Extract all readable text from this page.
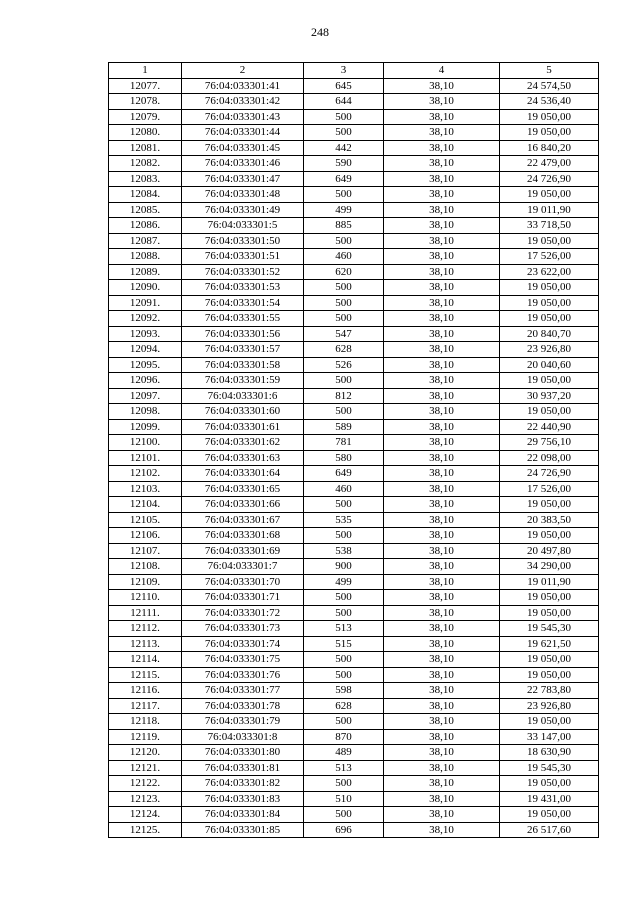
248
1	2	3	4	5
12077.	76:04:033301:41	645	38,10	24 574,50
12078.	76:04:033301:42	644	38,10	24 536,40
12079.	76:04:033301:43	500	38,10	19 050,00
12080.	76:04:033301:44	500	38,10	19 050,00
12081.	76:04:033301:45	442	38,10	16 840,20
12082.	76:04:033301:46	590	38,10	22 479,00
12083.	76:04:033301:47	649	38,10	24 726,90
12084.	76:04:033301:48	500	38,10	19 050,00
12085.	76:04:033301:49	499	38,10	19 011,90
12086.	76:04:033301:5	885	38,10	33 718,50
12087.	76:04:033301:50	500	38,10	19 050,00
12088.	76:04:033301:51	460	38,10	17 526,00
12089.	76:04:033301:52	620	38,10	23 622,00
12090.	76:04:033301:53	500	38,10	19 050,00
12091.	76:04:033301:54	500	38,10	19 050,00
12092.	76:04:033301:55	500	38,10	19 050,00
12093.	76:04:033301:56	547	38,10	20 840,70
12094.	76:04:033301:57	628	38,10	23 926,80
12095.	76:04:033301:58	526	38,10	20 040,60
12096.	76:04:033301:59	500	38,10	19 050,00
12097.	76:04:033301:6	812	38,10	30 937,20
12098.	76:04:033301:60	500	38,10	19 050,00
12099.	76:04:033301:61	589	38,10	22 440,90
12100.	76:04:033301:62	781	38,10	29 756,10
12101.	76:04:033301:63	580	38,10	22 098,00
12102.	76:04:033301:64	649	38,10	24 726,90
12103.	76:04:033301:65	460	38,10	17 526,00
12104.	76:04:033301:66	500	38,10	19 050,00
12105.	76:04:033301:67	535	38,10	20 383,50
12106.	76:04:033301:68	500	38,10	19 050,00
12107.	76:04:033301:69	538	38,10	20 497,80
12108.	76:04:033301:7	900	38,10	34 290,00
12109.	76:04:033301:70	499	38,10	19 011,90
12110.	76:04:033301:71	500	38,10	19 050,00
12111.	76:04:033301:72	500	38,10	19 050,00
12112.	76:04:033301:73	513	38,10	19 545,30
12113.	76:04:033301:74	515	38,10	19 621,50
12114.	76:04:033301:75	500	38,10	19 050,00
12115.	76:04:033301:76	500	38,10	19 050,00
12116.	76:04:033301:77	598	38,10	22 783,80
12117.	76:04:033301:78	628	38,10	23 926,80
12118.	76:04:033301:79	500	38,10	19 050,00
12119.	76:04:033301:8	870	38,10	33 147,00
12120.	76:04:033301:80	489	38,10	18 630,90
12121.	76:04:033301:81	513	38,10	19 545,30
12122.	76:04:033301:82	500	38,10	19 050,00
12123.	76:04:033301:83	510	38,10	19 431,00
12124.	76:04:033301:84	500	38,10	19 050,00
12125.	76:04:033301:85	696	38,10	26 517,60
